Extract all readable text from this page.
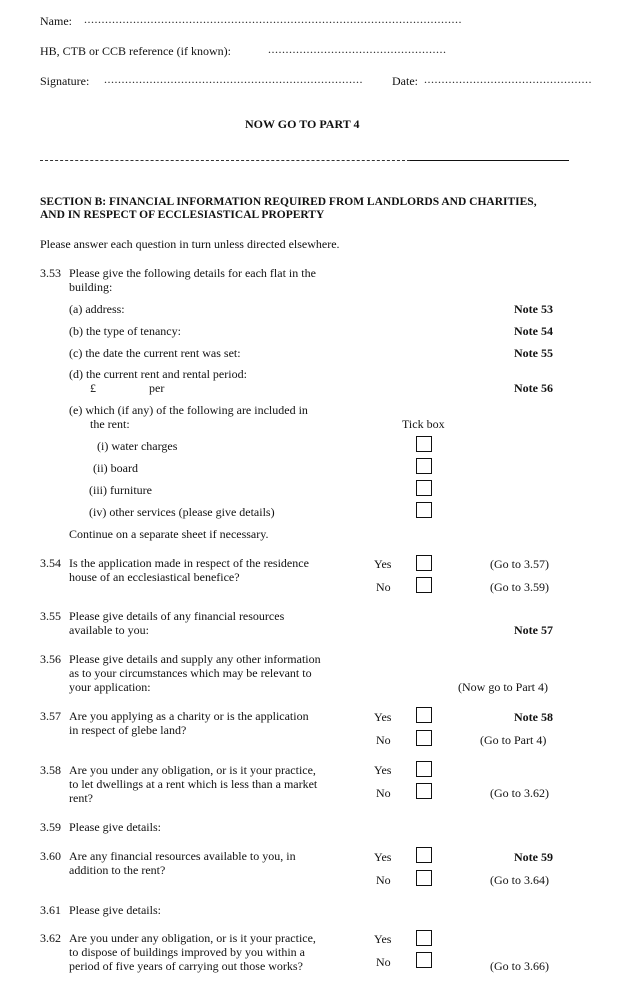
Name: ............................................................................................................
HB, CTB or CCB reference (if known):	...................................................
Signature: .......................................................................... Date: ................................................
NOW GO TO PART 4
SECTION B: FINANCIAL INFORMATION REQUIRED FROM LANDLORDS AND CHARITIES,
AND IN RESPECT OF ECCLESIASTICAL PROPERTY
Please answer each question in turn unless directed elsewhere.
3.53 Please give the following details for each flat in the
building:
(a) address:	Note 53
(b) the type of tenancy:	Note 54
(c) the date the current rent was set:	Note 55
(d) the current rent and rental period:
£	per	Note 56
(e) which (if any) of the following are included in
the rent:	Tick box
(i) water charges
(ii) board
(iii) furniture
(iv) other services (please give details)
Continue on a separate sheet if necessary.
3.54 Is the application made in respect of the residence
house of an ecclesiastical benefice?
Yes	(Go to 3.57)
No	(Go to 3.59)
3.55 Please give details of any financial resources
available to you:	Note 57
3.56 Please give details and supply any other information
as to your circumstances which may be relevant to
your application:	(Now go to Part 4)
3.57 Are you applying as a charity or is the application
in respect of glebe land?
Yes	Note 58
No	(Go to Part 4)
3.58 Are you under any obligation, or is it your practice,
to let dwellings at a rent which is less than a market
rent?
Yes
No	(Go to 3.62)
3.59 Please give details:
3.60 Are any financial resources available to you, in
addition to the rent?
Yes	Note 59
No	(Go to 3.64)
3.61 Please give details:
3.62 Are you under any obligation, or is it your practice,
to dispose of buildings improved by you within a
period of five years of carrying out those works?
Yes
No	(Go to 3.66)
